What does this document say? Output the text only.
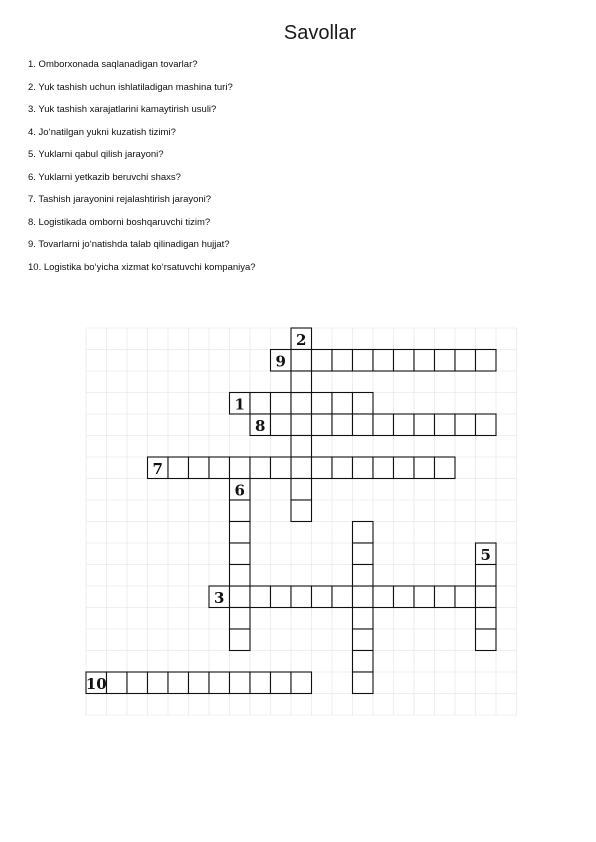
Savollar
1. Omborxonada saqlanadigan tovarlar?
2. Yuk tashish uchun ishlatiladigan mashina turi?
3. Yuk tashish xarajatlarini kamaytirish usuli?
4. Jo‘natilgan yukni kuzatish tizimi?
5. Yuklarni qabul qilish jarayoni?
6. Yuklarni yetkazib beruvchi shaxs?
7. Tashish jarayonini rejalashtirish jarayoni?
8. Logistikada omborni boshqaruvchi tizim?
9. Tovarlarni jo‘natishda talab qilinadigan hujjat?
10. Logistika bo‘yicha xizmat ko‘rsatuvchi kompaniya?
1
2
3
5
6
7
8
9
10
